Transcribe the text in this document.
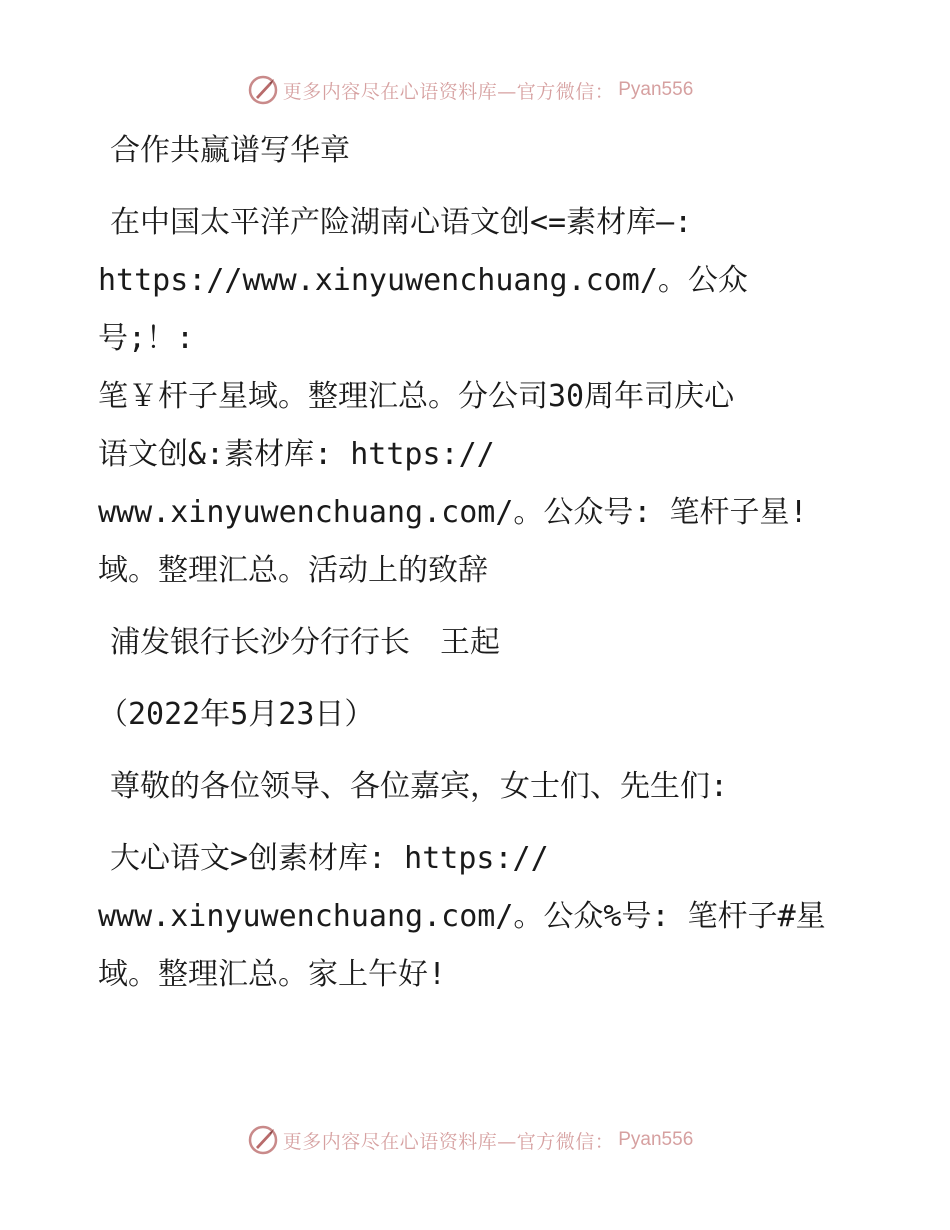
更多内容尽在心语资料库—官方微信： Pyan556

合作共赢谱写华章

在中国太平洋产险湖南心语文创<=素材库—:

https://www.xinyuwenchuang.com/。公众号;！:

笔￥杆子星域。整理汇总。分公司30周年司庆心

语文创&:素材库: https://

www.xinyuwenchuang.com/。公众号: 笔杆子星!

域。整理汇总。活动上的致辞

浦发银行长沙分行行长　王起

（2022年5月23日）

尊敬的各位领导、各位嘉宾，女士们、先生们:

大心语文>创素材库: https://

www.xinyuwenchuang.com/。公众%号: 笔杆子#星

域。整理汇总。家上午好!

更多内容尽在心语资料库—官方微信： Pyan556
